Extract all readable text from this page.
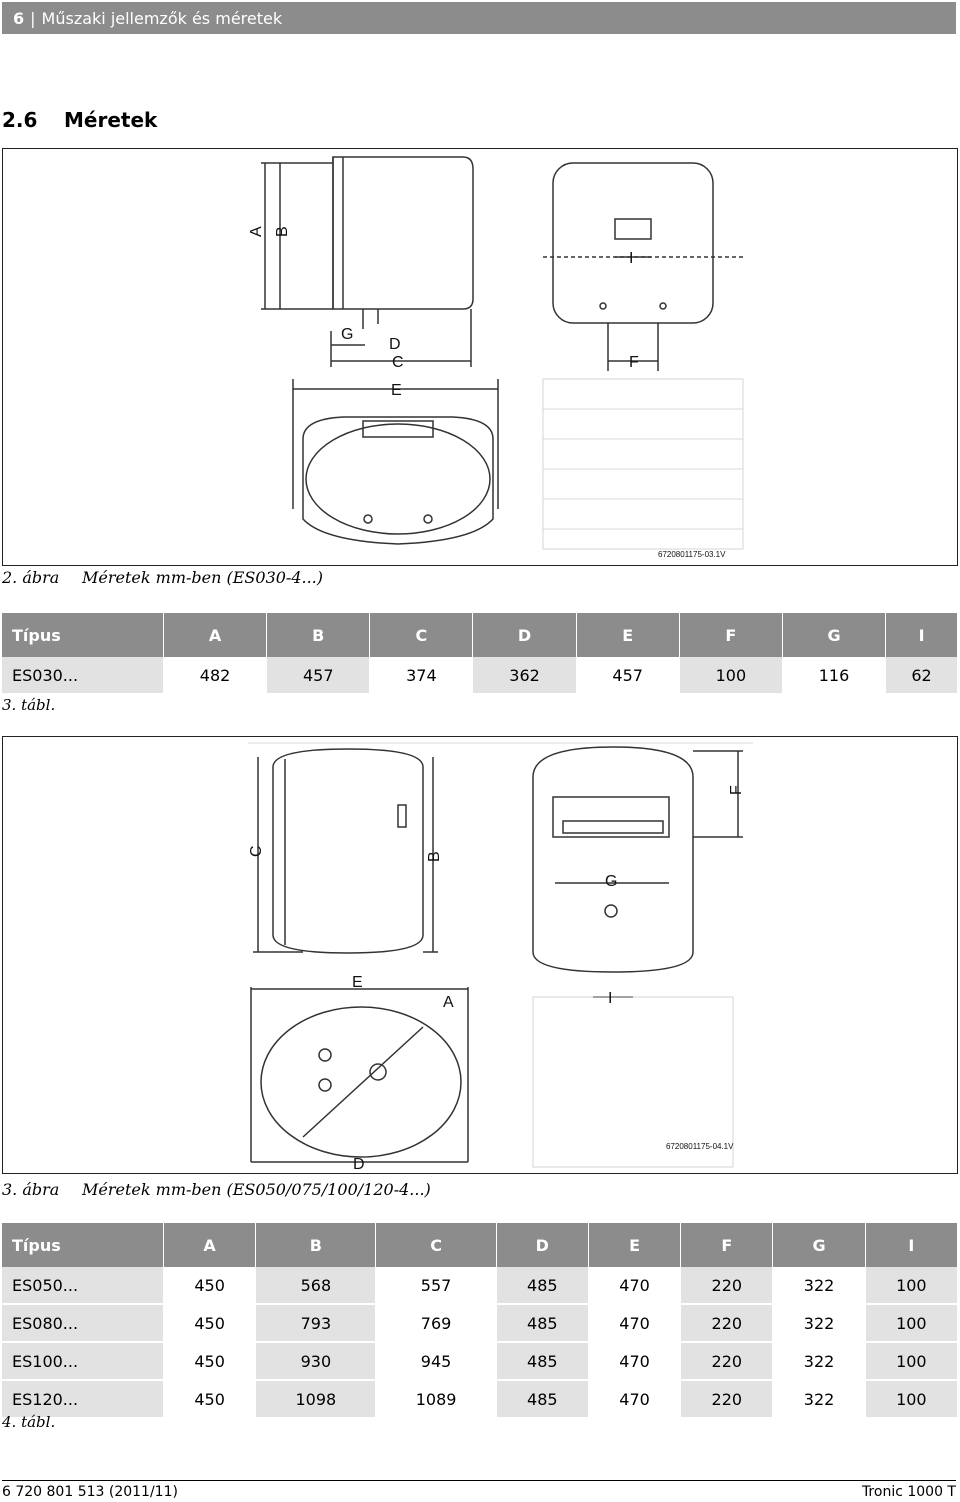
6 | Műszaki jellemzők és méretek
2.6	Méretek
A B
G
D
C
E
I
F
6720801175-03.1V
2. ábra	Méretek mm-ben (ES030-4...)
Típus	A	B	C	D	E	F	G	I
ES030...	482	457	374	362	457	100	116	62
3. tábl.
C	B
F
G
E
A	I
D
6720801175-04.1V
3. ábra	Méretek mm-ben (ES050/075/100/120-4...)
Típus	A	B	C	D	E	F	G	I
ES050...	450	568	557	485	470	220	322	100
ES080...	450	793	769	485	470	220	322	100
ES100...	450	930	945	485	470	220	322	100
ES120...	450	1098	1089	485	470	220	322	100
4. tábl.
6 720 801 513 (2011/11)	Tronic 1000 T
